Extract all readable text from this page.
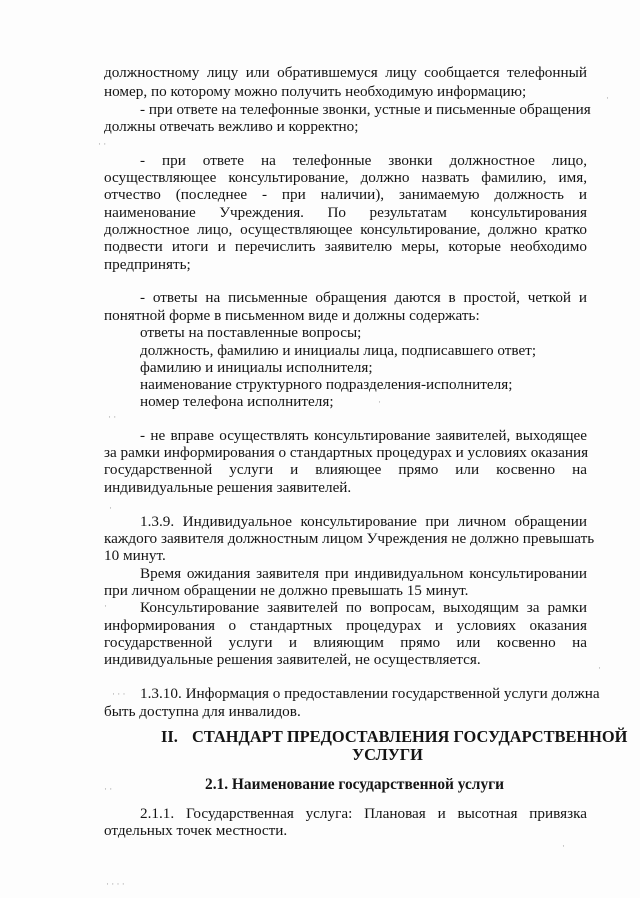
должностному лицу или обратившемуся лицу сообщается телефонный
номер, по которому можно получить необходимую информацию;
- при ответе на телефонные звонки, устные и письменные обращения
должны отвечать вежливо и корректно;
- при ответе на телефонные звонки должностное лицо,
осуществляющее консультирование, должно назвать фамилию, имя,
отчество (последнее - при наличии), занимаемую должность и
наименование Учреждения. По результатам консультирования
должностное лицо, осуществляющее консультирование, должно кратко
подвести итоги и перечислить заявителю меры, которые необходимо
предпринять;
- ответы на письменные обращения даются в простой, четкой и
понятной форме в письменном виде и должны содержать:
ответы на поставленные вопросы;
должность, фамилию и инициалы лица, подписавшего ответ;
фамилию и инициалы исполнителя;
наименование структурного подразделения-исполнителя;
номер телефона исполнителя;
- не вправе осуществлять консультирование заявителей, выходящее
за рамки информирования о стандартных процедурах и условиях оказания
государственной услуги и влияющее прямо или косвенно на
индивидуальные решения заявителей.
1.3.9. Индивидуальное консультирование при личном обращении
каждого заявителя должностным лицом Учреждения не должно превышать
10 минут.
Время ожидания заявителя при индивидуальном консультировании
при личном обращении не должно превышать 15 минут.
Консультирование заявителей по вопросам, выходящим за рамки
информирования о стандартных процедурах и условиях оказания
государственной услуги и влияющим прямо или косвенно на
индивидуальные решения заявителей, не осуществляется.
1.3.10. Информация о предоставлении государственной услуги должна
быть доступна для инвалидов.
II. СТАНДАРТ ПРЕДОСТАВЛЕНИЯ ГОСУДАРСТВЕННОЙ
УСЛУГИ
2.1. Наименование государственной услуги
2.1.1. Государственная услуга: Плановая и высотная привязка
отдельных точек местности.
·
· ·
·
· ·
·
·
·
· · ·
· ·
·
· · · ·
